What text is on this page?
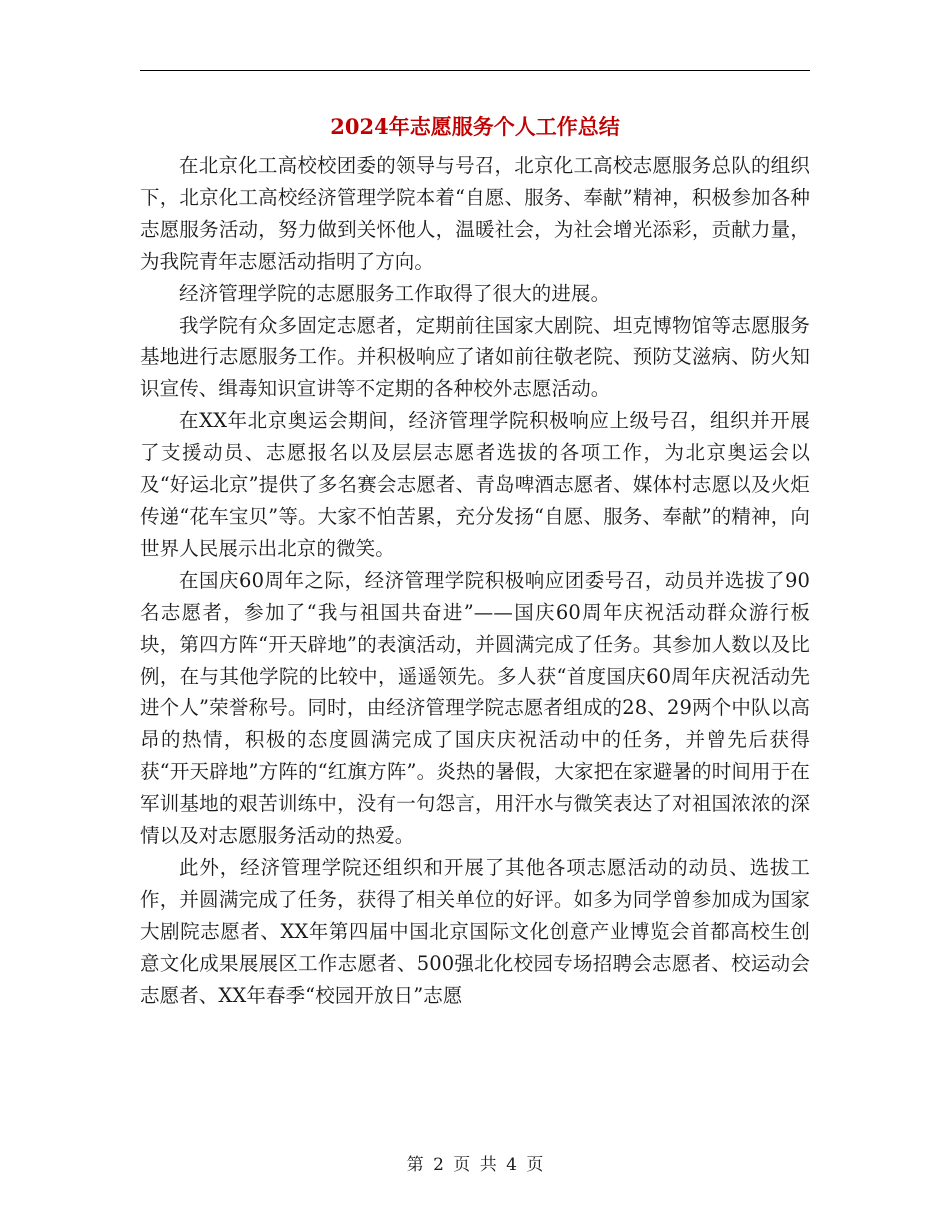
2024年志愿服务个人工作总结

在北京化工高校校团委的领导与号召，北京化工高校志愿服务总队的组织下，北京化工高校经济管理学院本着“自愿、服务、奉献”精神，积极参加各种志愿服务活动，努力做到关怀他人，温暖社会，为社会增光添彩，贡献力量，为我院青年志愿活动指明了方向。

经济管理学院的志愿服务工作取得了很大的进展。

我学院有众多固定志愿者，定期前往国家大剧院、坦克博物馆等志愿服务基地进行志愿服务工作。并积极响应了诸如前往敬老院、预防艾滋病、防火知识宣传、缉毒知识宣讲等不定期的各种校外志愿活动。

在XX年北京奥运会期间，经济管理学院积极响应上级号召，组织并开展了支援动员、志愿报名以及层层志愿者选拔的各项工作，为北京奥运会以及“好运北京”提供了多名赛会志愿者、青岛啤酒志愿者、媒体村志愿以及火炬传递“花车宝贝”等。大家不怕苦累，充分发扬“自愿、服务、奉献”的精神，向世界人民展示出北京的微笑。

在国庆60周年之际，经济管理学院积极响应团委号召，动员并选拔了90名志愿者，参加了“我与祖国共奋进”——国庆60周年庆祝活动群众游行板块，第四方阵“开天辟地”的表演活动，并圆满完成了任务。其参加人数以及比例，在与其他学院的比较中，遥遥领先。多人获“首度国庆60周年庆祝活动先进个人”荣誉称号。同时，由经济管理学院志愿者组成的28、29两个中队以高昂的热情，积极的态度圆满完成了国庆庆祝活动中的任务，并曾先后获得获“开天辟地”方阵的“红旗方阵”。炎热的暑假，大家把在家避暑的时间用于在军训基地的艰苦训练中，没有一句怨言，用汗水与微笑表达了对祖国浓浓的深情以及对志愿服务活动的热爱。

此外，经济管理学院还组织和开展了其他各项志愿活动的动员、选拔工作，并圆满完成了任务，获得了相关单位的好评。如多为同学曾参加成为国家大剧院志愿者、XX年第四届中国北京国际文化创意产业博览会首都高校生创意文化成果展展区工作志愿者、500强北化校园专场招聘会志愿者、校运动会志愿者、XX年春季“校园开放日”志愿

第 2 页 共 4 页
